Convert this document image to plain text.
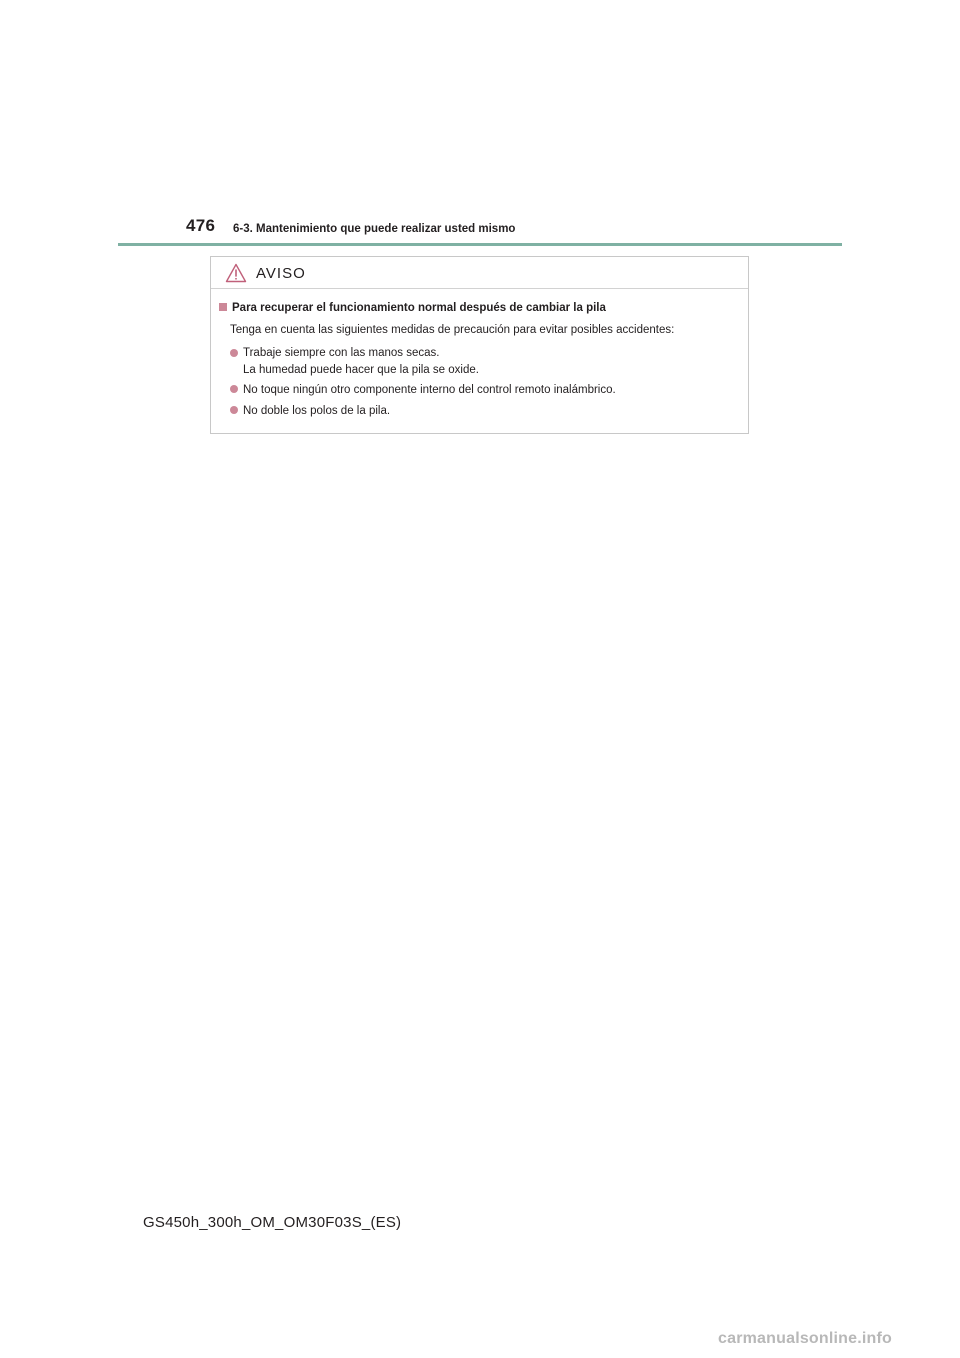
476 6-3. Mantenimiento que puede realizar usted mismo
AVISO
Para recuperar el funcionamiento normal después de cambiar la pila
Tenga en cuenta las siguientes medidas de precaución para evitar posibles accidentes:
Trabaje siempre con las manos secas.
La humedad puede hacer que la pila se oxide.
No toque ningún otro componente interno del control remoto inalámbrico.
No doble los polos de la pila.
GS450h_300h_OM_OM30F03S_(ES)
carmanualsonline.info
